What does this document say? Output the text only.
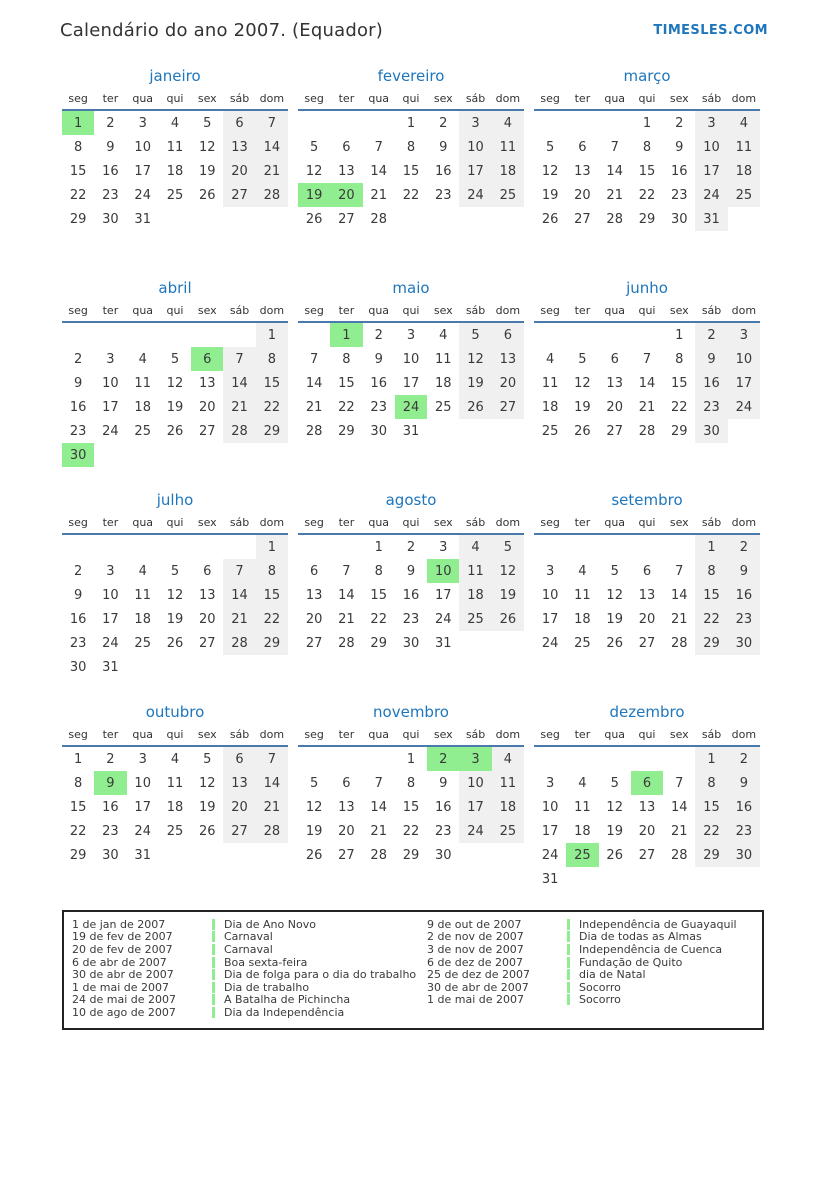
Calendário do ano 2007. (Equador)	TIMESLES.COM
janeiro
seg	ter	qua	qui	sex	sáb	dom
1	2	3	4	5	6	7
8	9	10	11	12	13	14
15	16	17	18	19	20	21
22	23	24	25	26	27	28
29	30	31				
fevereiro
seg	ter	qua	qui	sex	sáb	dom
			1	2	3	4
5	6	7	8	9	10	11
12	13	14	15	16	17	18
19	20	21	22	23	24	25
26	27	28				
março
seg	ter	qua	qui	sex	sáb	dom
			1	2	3	4
5	6	7	8	9	10	11
12	13	14	15	16	17	18
19	20	21	22	23	24	25
26	27	28	29	30	31	
abril
seg	ter	qua	qui	sex	sáb	dom
						1
2	3	4	5	6	7	8
9	10	11	12	13	14	15
16	17	18	19	20	21	22
23	24	25	26	27	28	29
30						
maio
seg	ter	qua	qui	sex	sáb	dom
	1	2	3	4	5	6
7	8	9	10	11	12	13
14	15	16	17	18	19	20
21	22	23	24	25	26	27
28	29	30	31			
junho
seg	ter	qua	qui	sex	sáb	dom
				1	2	3
4	5	6	7	8	9	10
11	12	13	14	15	16	17
18	19	20	21	22	23	24
25	26	27	28	29	30	
julho
seg	ter	qua	qui	sex	sáb	dom
						1
2	3	4	5	6	7	8
9	10	11	12	13	14	15
16	17	18	19	20	21	22
23	24	25	26	27	28	29
30	31					
agosto
seg	ter	qua	qui	sex	sáb	dom
		1	2	3	4	5
6	7	8	9	10	11	12
13	14	15	16	17	18	19
20	21	22	23	24	25	26
27	28	29	30	31		
setembro
seg	ter	qua	qui	sex	sáb	dom
					1	2
3	4	5	6	7	8	9
10	11	12	13	14	15	16
17	18	19	20	21	22	23
24	25	26	27	28	29	30
outubro
seg	ter	qua	qui	sex	sáb	dom
1	2	3	4	5	6	7
8	9	10	11	12	13	14
15	16	17	18	19	20	21
22	23	24	25	26	27	28
29	30	31				
novembro
seg	ter	qua	qui	sex	sáb	dom
			1	2	3	4
5	6	7	8	9	10	11
12	13	14	15	16	17	18
19	20	21	22	23	24	25
26	27	28	29	30		
dezembro
seg	ter	qua	qui	sex	sáb	dom
					1	2
3	4	5	6	7	8	9
10	11	12	13	14	15	16
17	18	19	20	21	22	23
24	25	26	27	28	29	30
31						
1 de jan de 2007	Dia de Ano Novo
19 de fev de 2007	Carnaval
20 de fev de 2007	Carnaval
6 de abr de 2007	Boa sexta-feira
30 de abr de 2007	Dia de folga para o dia do trabalho
1 de mai de 2007	Dia de trabalho
24 de mai de 2007	A Batalha de Pichincha
10 de ago de 2007	Dia da Independência
9 de out de 2007	Independência de Guayaquil
2 de nov de 2007	Dia de todas as Almas
3 de nov de 2007	Independência de Cuenca
6 de dez de 2007	Fundação de Quito
25 de dez de 2007	dia de Natal
30 de abr de 2007	Socorro
1 de mai de 2007	Socorro
